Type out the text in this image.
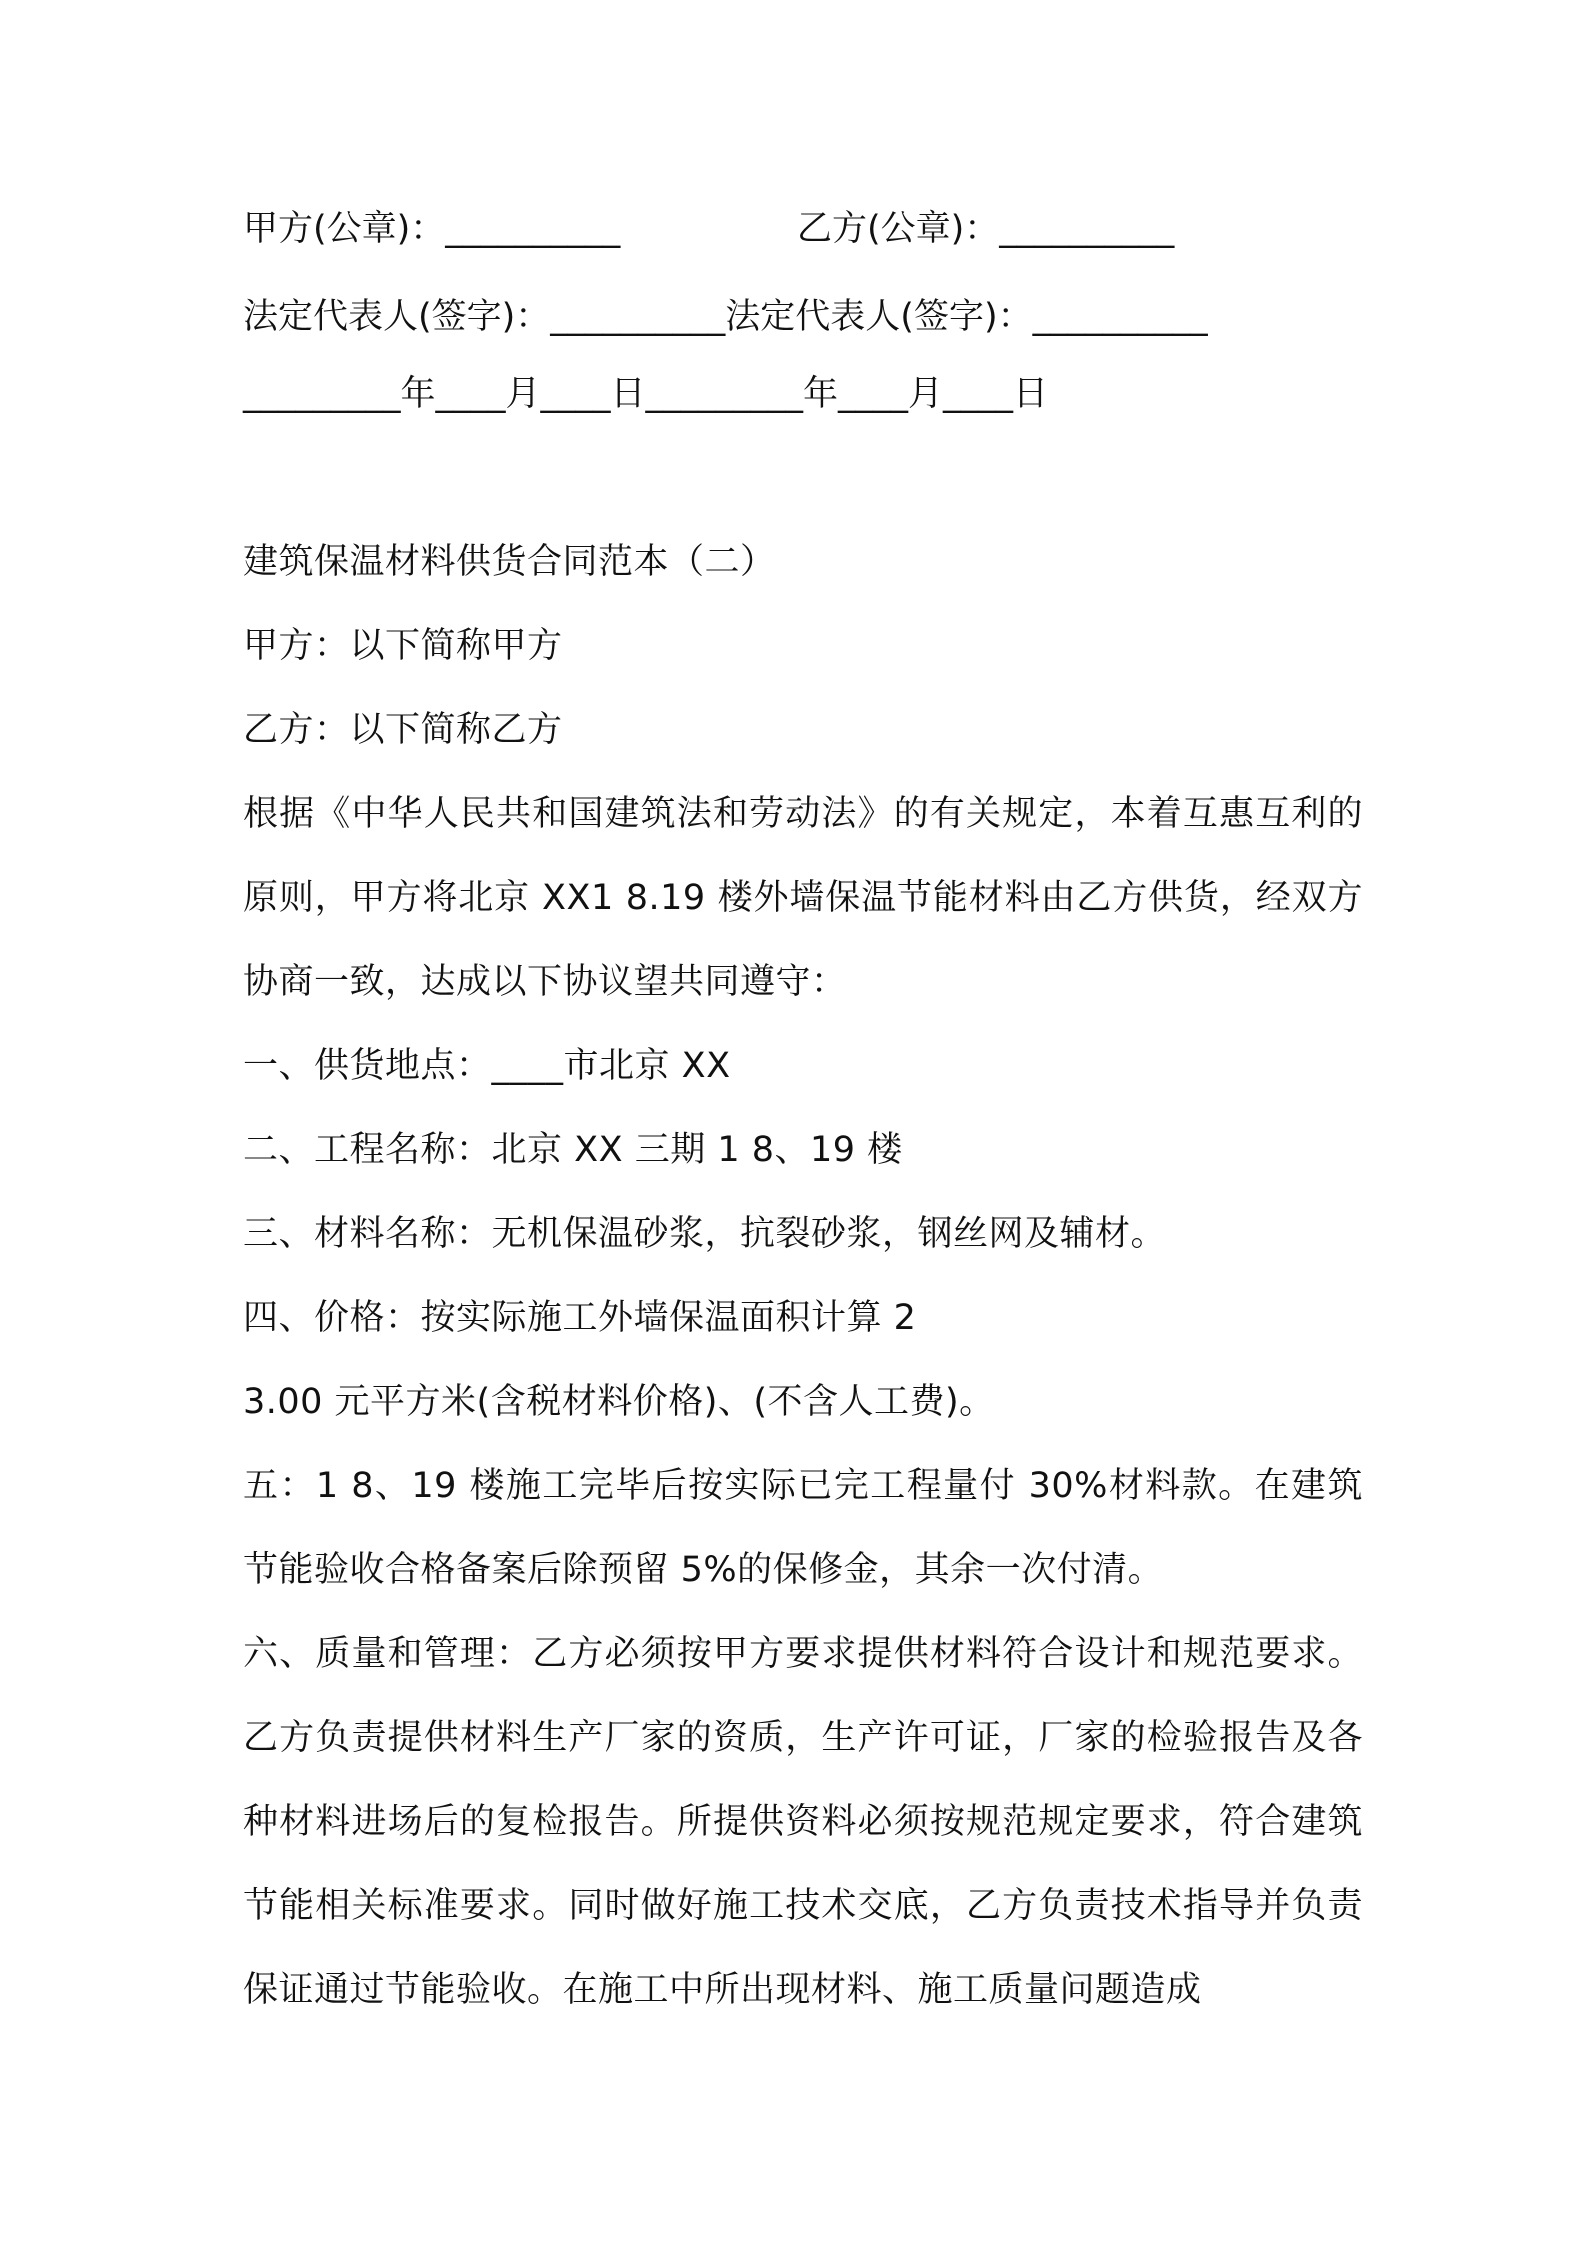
甲方(公章)：__________	乙方(公章)：__________
法定代表人(签字)：__________法定代表人(签字)：__________
_________年____月____日_________年____月____日
建筑保温材料供货合同范本（二）
甲方：以下简称甲方
乙方：以下简称乙方

根据《中华人民共和国建筑法和劳动法》的有关规定，本着互惠互利的原则，甲方将北京 XX1 8.19 楼外墙保温节能材料由乙方供货，经双方协商一致，达成以下协议望共同遵守：

一、供货地点：____市北京 XX
二、工程名称：北京 XX 三期 1 8、19 楼
三、材料名称：无机保温砂浆，抗裂砂浆，钢丝网及辅材。
四、价格：按实际施工外墙保温面积计算 2
3.00 元平方米(含税材料价格)、(不含人工费)。

五：1 8、19 楼施工完毕后按实际已完工程量付 30%材料款。在建筑节能验收合格备案后除预留 5%的保修金，其余一次付清。

六、质量和管理：乙方必须按甲方要求提供材料符合设计和规范要求。乙方负责提供材料生产厂家的资质，生产许可证，厂家的检验报告及各种材料进场后的复检报告。所提供资料必须按规范规定要求，符合建筑节能相关标准要求。同时做好施工技术交底，乙方负责技术指导并负责保证通过节能验收。在施工中所出现材料、施工质量问题造成
